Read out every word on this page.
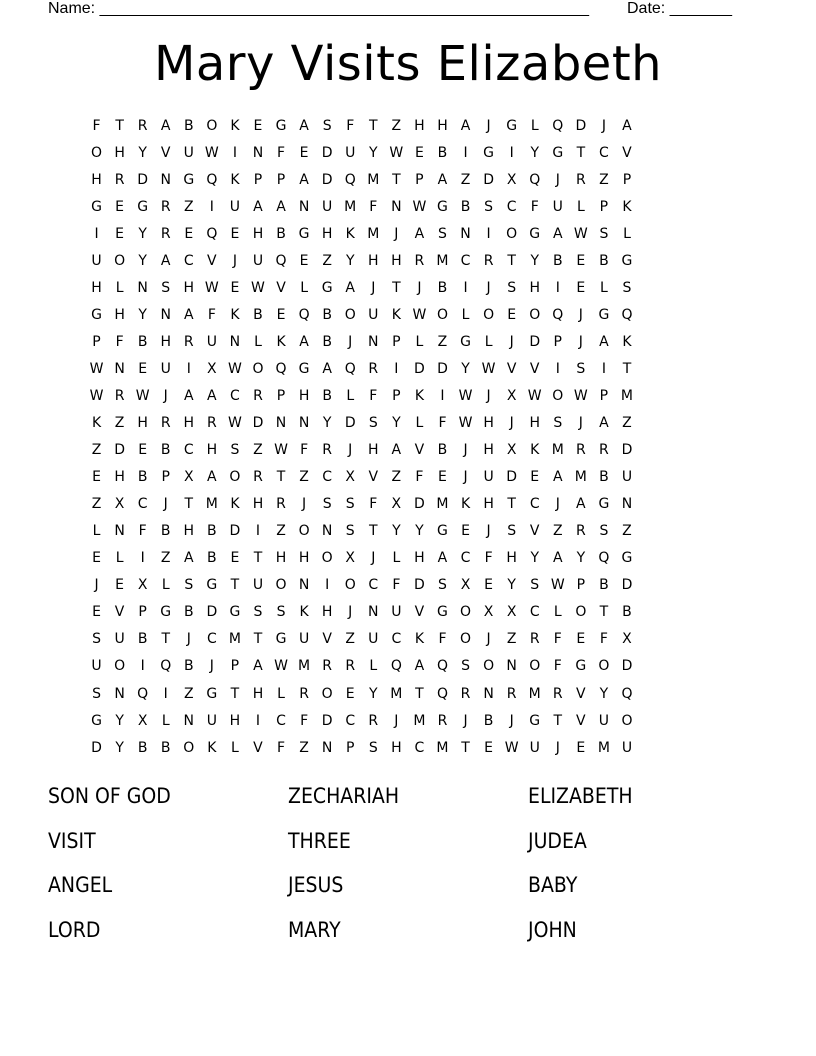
Name: _______________________________________________________ Date: _______
Mary Visits Elizabeth
F	T R A B O K	E G A S	F	T Z H H A	J	G L Q D	J	A
O H Y V U W	I	N F	E D U Y W E B	I	G	I	Y G T C V
H R D N G Q K	P	P	A D Q M T	P	A Z D X Q	J	R Z	P
G E G R Z	I	U A A N U M F N W G B S C	F U	L	P	K
I	E	Y R E Q E H B G H K M	J	A S N	I	O G A W S	L
U O Y A C V	J	U Q E Z Y H H R M C R T	Y B E B G
H L N S H W E W V	L G A	J	T	J	B	I	J	S H	I	E	L	S
G H Y N A	F	K B E Q B O U K W O L O E O Q	J	G Q
P	F	B H R U N L	K A B	J	N P	L	Z G L	J	D P	J	A K
W N E U	I	X W O Q G A Q R	I	D D Y W V V	I	S	I	T
W R W	J	A A C R P H B	L	F	P	K	I	W	J	X W O W P M
K Z H R H R W D N N Y D S	Y	L	F W H	J	H S	J	A Z
Z D E B C H S Z W F	R	J	H A V B	J	H X K M R R D
E H B	P	X A O R T Z C X V Z	F	E	J	U D E A M B U
Z X C	J	T M K H R	J	S	S	F	X D M K H T C	J	A G N
L N F	B H B D	I	Z O N S	T	Y	Y G E	J	S V Z R S Z
E	L	I	Z A B E	T H H O X	J	L H A C	F H Y A	Y Q G
J	E X	L	S G T U O N	I	O C	F D S X E	Y	S W P	B D
E V	P G B D G S	S	K H	J	N U V G O X X C	L O T B
S U B T	J	C M T G U V Z U C K	F O	J	Z R	F	E	F	X
U O	I	Q B	J	P	A W M R R	L Q A Q S O N O F G O D
S N Q	I	Z G T H L	R O E	Y M T Q R N R M R V	Y Q
G Y X	L N U H	I	C	F D C R	J	M R	J	B	J	G T V U O
D Y B B O K	L	V	F	Z N P	S H C M T	E W U	J	E M U
SON OF GOD	ZECHARIAH	ELIZABETH
VISIT	THREE	JUDEA
ANGEL	JESUS	BABY
LORD	MARY	JOHN
